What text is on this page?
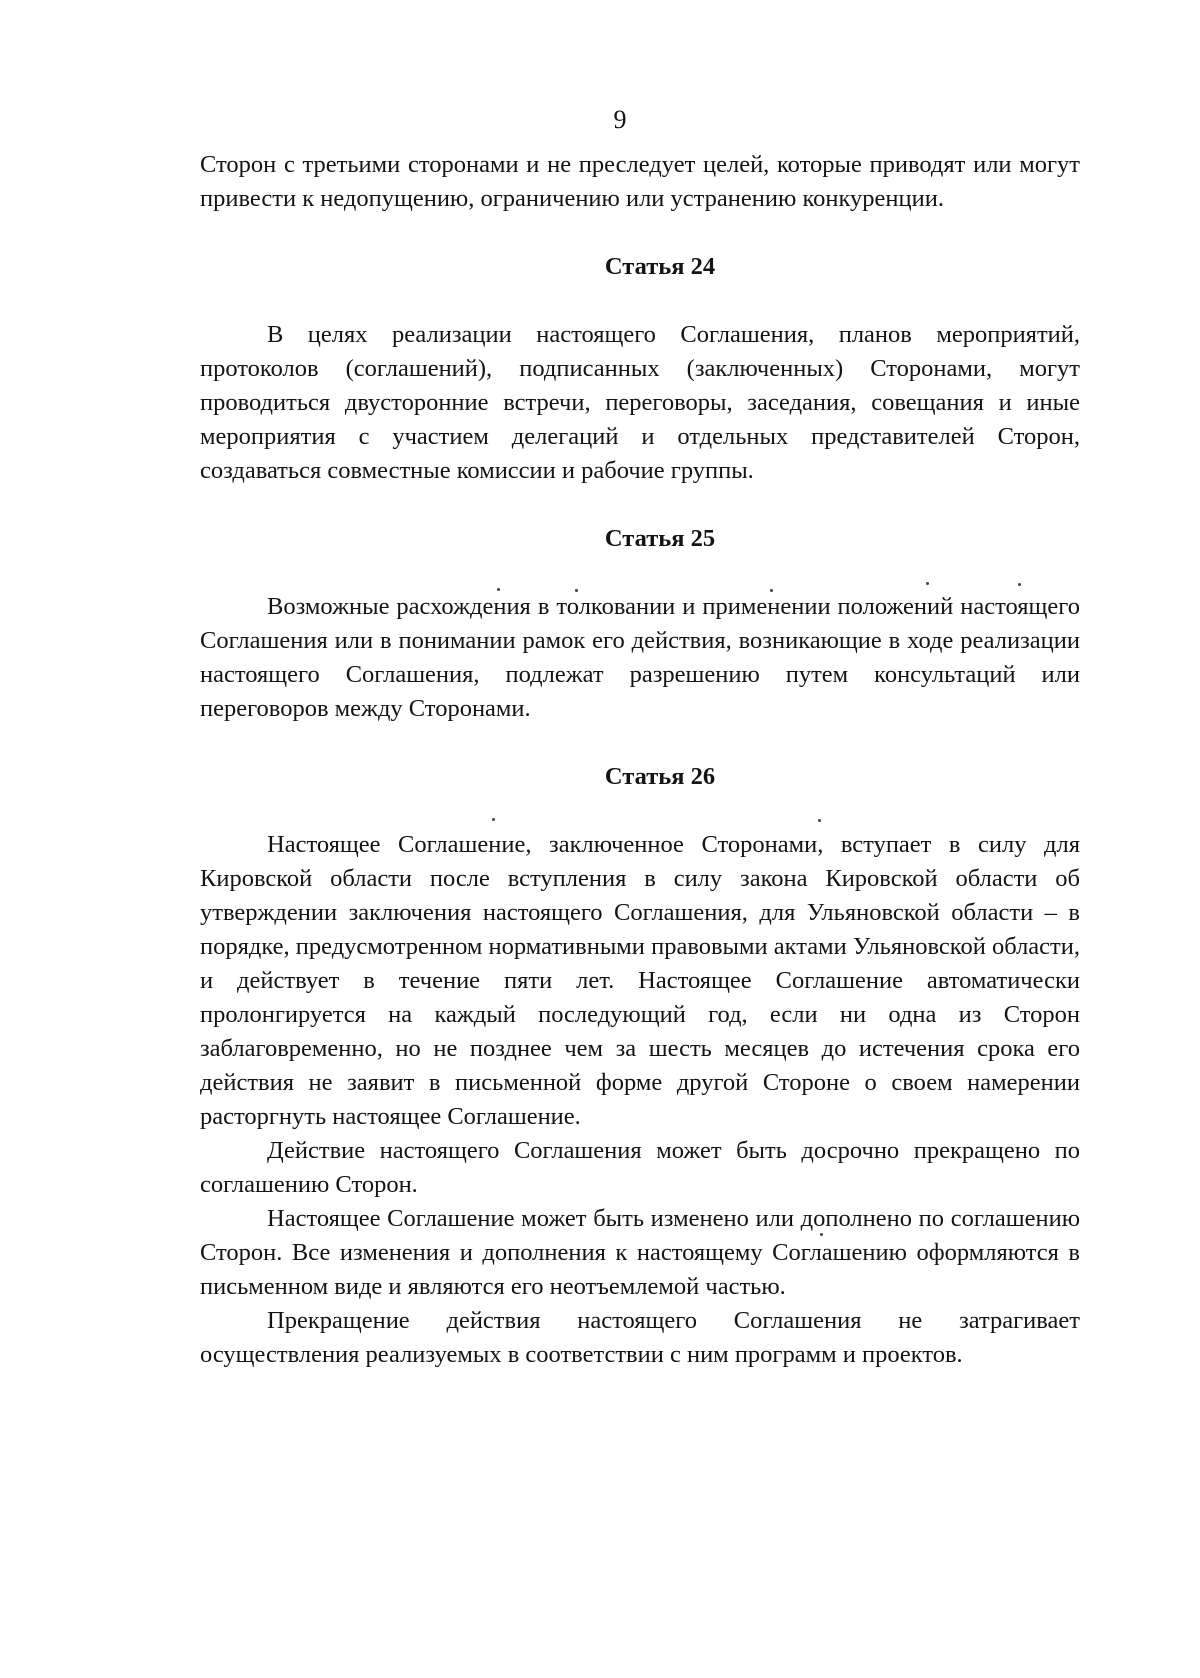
9

Сторон с третьими сторонами и не преследует целей, которые приводят или могут привести к недопущению, ограничению или устранению конкуренции.

Статья 24

В целях реализации настоящего Соглашения, планов мероприятий, протоколов (соглашений), подписанных (заключенных) Сторонами, могут проводиться двусторонние встречи, переговоры, заседания, совещания и иные мероприятия с участием делегаций и отдельных представителей Сторон, создаваться совместные комиссии и рабочие группы.

Статья 25

Возможные расхождения в толковании и применении положений настоящего Соглашения или в понимании рамок его действия, возникающие в ходе реализации настоящего Соглашения, подлежат разрешению путем консультаций или переговоров между Сторонами.

Статья 26

Настоящее Соглашение, заключенное Сторонами, вступает в силу для Кировской области после вступления в силу закона Кировской области об утверждении заключения настоящего Соглашения, для Ульяновской области – в порядке, предусмотренном нормативными правовыми актами Ульяновской области, и действует в течение пяти лет. Настоящее Соглашение автоматически пролонгируется на каждый последующий год, если ни одна из Сторон заблаговременно, но не позднее чем за шесть месяцев до истечения срока его действия не заявит в письменной форме другой Стороне о своем намерении расторгнуть настоящее Соглашение.

Действие настоящего Соглашения может быть досрочно прекращено по соглашению Сторон.

Настоящее Соглашение может быть изменено или дополнено по соглашению Сторон. Все изменения и дополнения к настоящему Соглашению оформляются в письменном виде и являются его неотъемлемой частью.

Прекращение действия настоящего Соглашения не затрагивает осуществления реализуемых в соответствии с ним программ и проектов.
